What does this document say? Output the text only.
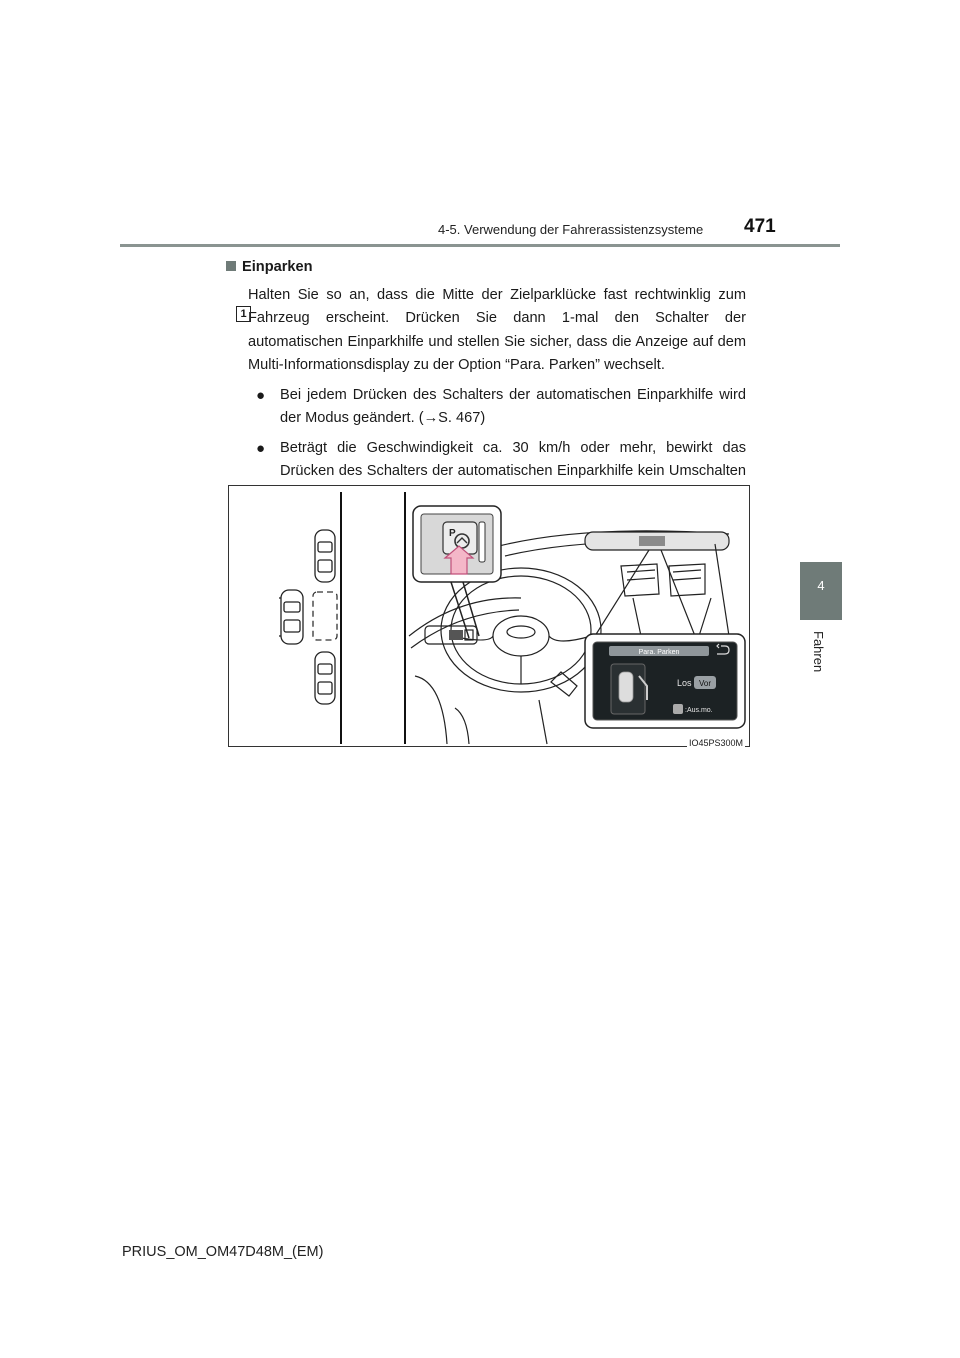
4-5. Verwendung der Fahrerassistenzsysteme 471
4
Fahren

Einparken

1
Halten Sie so an, dass die Mitte der Zielparklücke fast rechtwinklig zum Fahrzeug erscheint. Drücken Sie dann 1-mal den Schalter der automatischen Einparkhilfe und stellen Sie sicher, dass die Anzeige auf dem Multi-Informationsdisplay zu der Option “Para. Parken” wechselt.
● Bei jedem Drücken des Schalters der automatischen Einparkhilfe wird der Modus geändert. (→S. 467)
● Beträgt die Geschwindigkeit ca. 30 km/h oder mehr, bewirkt das Drücken des Schalters der automatischen Einparkhilfe kein Umschalten
P
Para. Parken
Los Vor
:Aus.mo.
IO45PS300M
PRIUS_OM_OM47D48M_(EM)
